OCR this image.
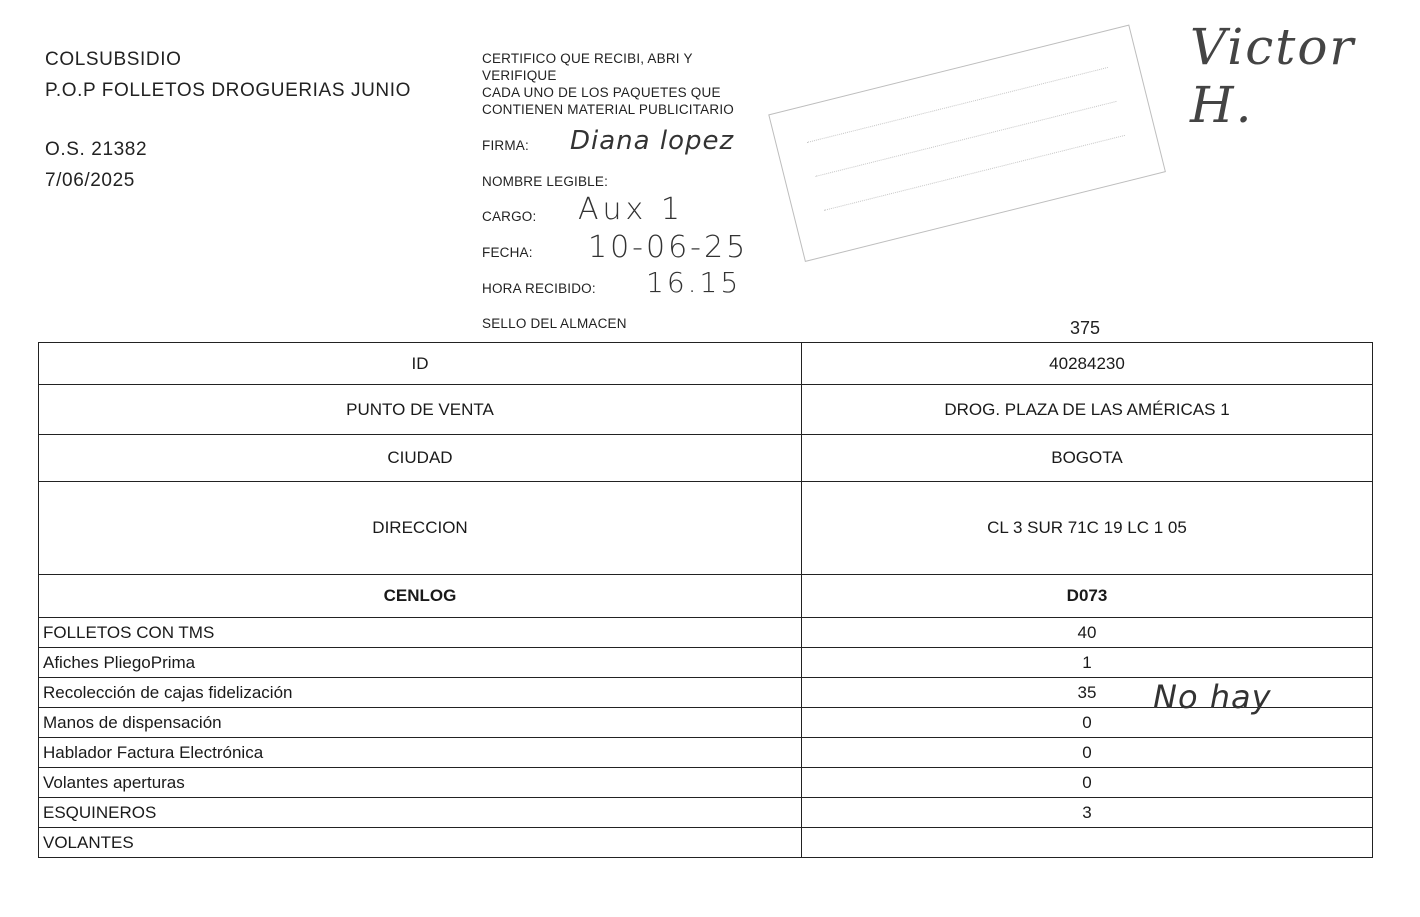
COLSUBSIDIO
P.O.P FOLLETOS DROGUERIAS JUNIO
O.S. 21382
7/06/2025
CERTIFICO QUE RECIBI, ABRI Y
VERIFIQUE
CADA UNO DE LOS PAQUETES QUE
CONTIENEN MATERIAL PUBLICITARIO
FIRMA:
NOMBRE LEGIBLE:
CARGO:
FECHA:
HORA RECIBIDO:
SELLO DEL ALMACEN
Diana lopez
Aux 1
10-06-25
16.15
Victor H.
375
ID	40284230
PUNTO DE VENTA	DROG. PLAZA DE LAS AMÉRICAS 1
CIUDAD	BOGOTA
DIRECCION	CL 3 SUR 71C 19 LC 1 05
CENLOG	D073
FOLLETOS CON TMS	40
Afiches PliegoPrima	1
Recolección de cajas fidelización	35
Manos de dispensación	0
Hablador Factura Electrónica	0
Volantes aperturas	0
ESQUINEROS	3
VOLANTES	
No hay
